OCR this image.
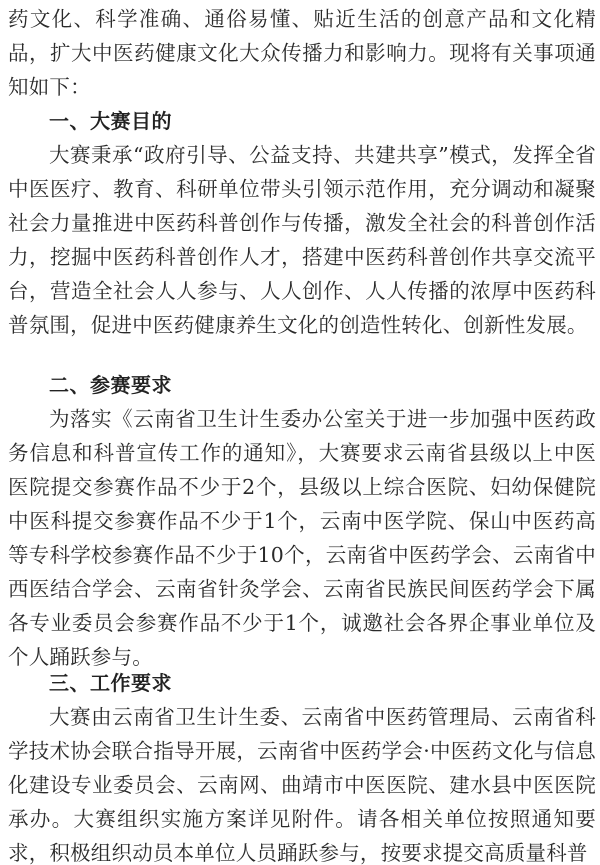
药文化、科学准确、通俗易懂、贴近生活的创意产品和文化精品，扩大中医药健康文化大众传播力和影响力。现将有关事项通知如下：

一、大赛目的

大赛秉承“政府引导、公益支持、共建共享”模式，发挥全省中医医疗、教育、科研单位带头引领示范作用，充分调动和凝聚社会力量推进中医药科普创作与传播，激发全社会的科普创作活力，挖掘中医药科普创作人才，搭建中医药科普创作共享交流平台，营造全社会人人参与、人人创作、人人传播的浓厚中医药科普氛围，促进中医药健康养生文化的创造性转化、创新性发展。

二、参赛要求

为落实《云南省卫生计生委办公室关于进一步加强中医药政务信息和科普宣传工作的通知》，大赛要求云南省县级以上中医医院提交参赛作品不少于2个，县级以上综合医院、妇幼保健院中医科提交参赛作品不少于1个，云南中医学院、保山中医药高等专科学校参赛作品不少于10个，云南省中医药学会、云南省中西医结合学会、云南省针灸学会、云南省民族民间医药学会下属各专业委员会参赛作品不少于1个，诚邀社会各界企事业单位及个人踊跃参与。

三、工作要求

大赛由云南省卫生计生委、云南省中医药管理局、云南省科学技术协会联合指导开展，云南省中医药学会·中医药文化与信息化建设专业委员会、云南网、曲靖市中医医院、建水县中医医院承办。大赛组织实施方案详见附件。请各相关单位按照通知要求，积极组织动员本单位人员踊跃参与，按要求提交高质量科普
